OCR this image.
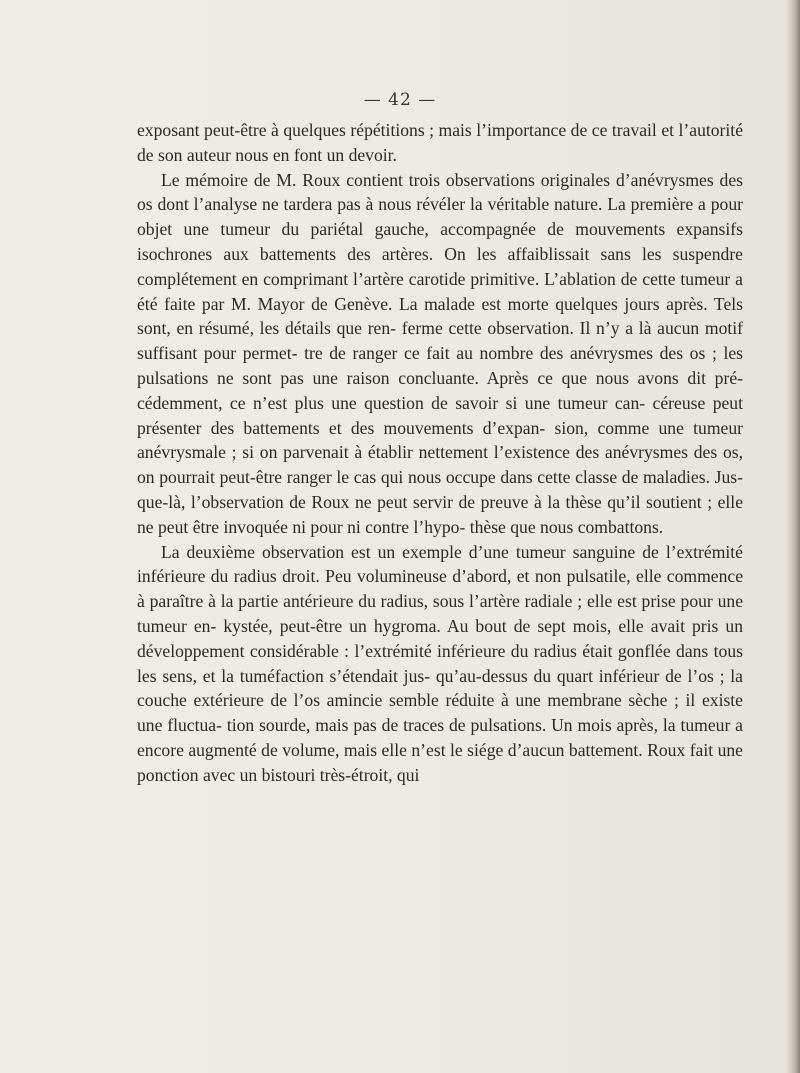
— 42 —

exposant peut-être à quelques répétitions ; mais l’importance de ce travail et l’autorité de son auteur nous en font un devoir.

Le mémoire de M. Roux contient trois observations originales d’anévrysmes des os dont l’analyse ne tardera pas à nous révéler la véritable nature. La première a pour objet une tumeur du pariétal gauche, accompagnée de mouvements expansifs isochrones aux battements des artères. On les affaiblissait sans les suspendre complétement en comprimant l’artère carotide primitive. L’ablation de cette tumeur a été faite par M. Mayor de Genève. La malade est morte quelques jours après. Tels sont, en résumé, les détails que ren- ferme cette observation. Il n’y a là aucun motif suffisant pour permet- tre de ranger ce fait au nombre des anévrysmes des os ; les pulsations ne sont pas une raison concluante. Après ce que nous avons dit pré- cédemment, ce n’est plus une question de savoir si une tumeur can- céreuse peut présenter des battements et des mouvements d’expan- sion, comme une tumeur anévrysmale ; si on parvenait à établir nettement l’existence des anévrysmes des os, on pourrait peut-être ranger le cas qui nous occupe dans cette classe de maladies. Jus- que-là, l’observation de Roux ne peut servir de preuve à la thèse qu’il soutient ; elle ne peut être invoquée ni pour ni contre l’hypo- thèse que nous combattons.

La deuxième observation est un exemple d’une tumeur sanguine de l’extrémité inférieure du radius droit. Peu volumineuse d’abord, et non pulsatile, elle commence à paraître à la partie antérieure du radius, sous l’artère radiale ; elle est prise pour une tumeur en- kystée, peut-être un hygroma. Au bout de sept mois, elle avait pris un développement considérable : l’extrémité inférieure du radius était gonflée dans tous les sens, et la tuméfaction s’étendait jus- qu’au-dessus du quart inférieur de l’os ; la couche extérieure de l’os amincie semble réduite à une membrane sèche ; il existe une fluctua- tion sourde, mais pas de traces de pulsations. Un mois après, la tumeur a encore augmenté de volume, mais elle n’est le siége d’aucun battement. Roux fait une ponction avec un bistouri très-étroit, qui
